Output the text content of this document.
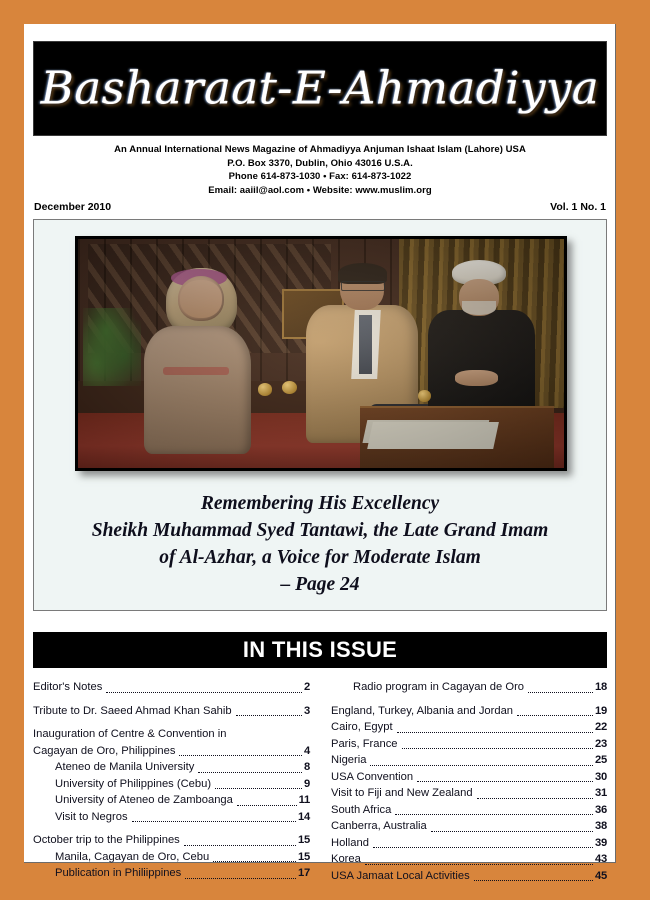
Basharaat-E-Ahmadiyya
An Annual International News Magazine of Ahmadiyya Anjuman Ishaat Islam (Lahore) USA
P.O. Box 3370, Dublin, Ohio 43016 U.S.A.
Phone 614-873-1030 • Fax: 614-873-1022
Email: aaiil@aol.com • Website: www.muslim.org
December 2010	Vol. 1 No. 1
Remembering His Excellency
Sheikh Muhammad Syed Tantawi, the Late Grand Imam
of Al-Azhar, a Voice for Moderate Islam
– Page 24
IN THIS ISSUE
Editor's Notes	2
Tribute to Dr. Saeed Ahmad Khan Sahib	3
Inauguration of Centre & Convention in
Cagayan de Oro, Philippines	4
Ateneo de Manila University	8
University of Philippines (Cebu)	9
University of Ateneo de Zamboanga	11
Visit to Negros	14
October trip to the Philippines	15
Manila, Cagayan de Oro, Cebu	15
Publication in Philiippines	17
Radio program in Cagayan de Oro	18
England, Turkey, Albania and Jordan	19
Cairo, Egypt	22
Paris, France	23
Nigeria	25
USA Convention	30
Visit to Fiji and New Zealand	31
South Africa	36
Canberra, Australia	38
Holland	39
Korea	43
USA Jamaat Local Activities	45
